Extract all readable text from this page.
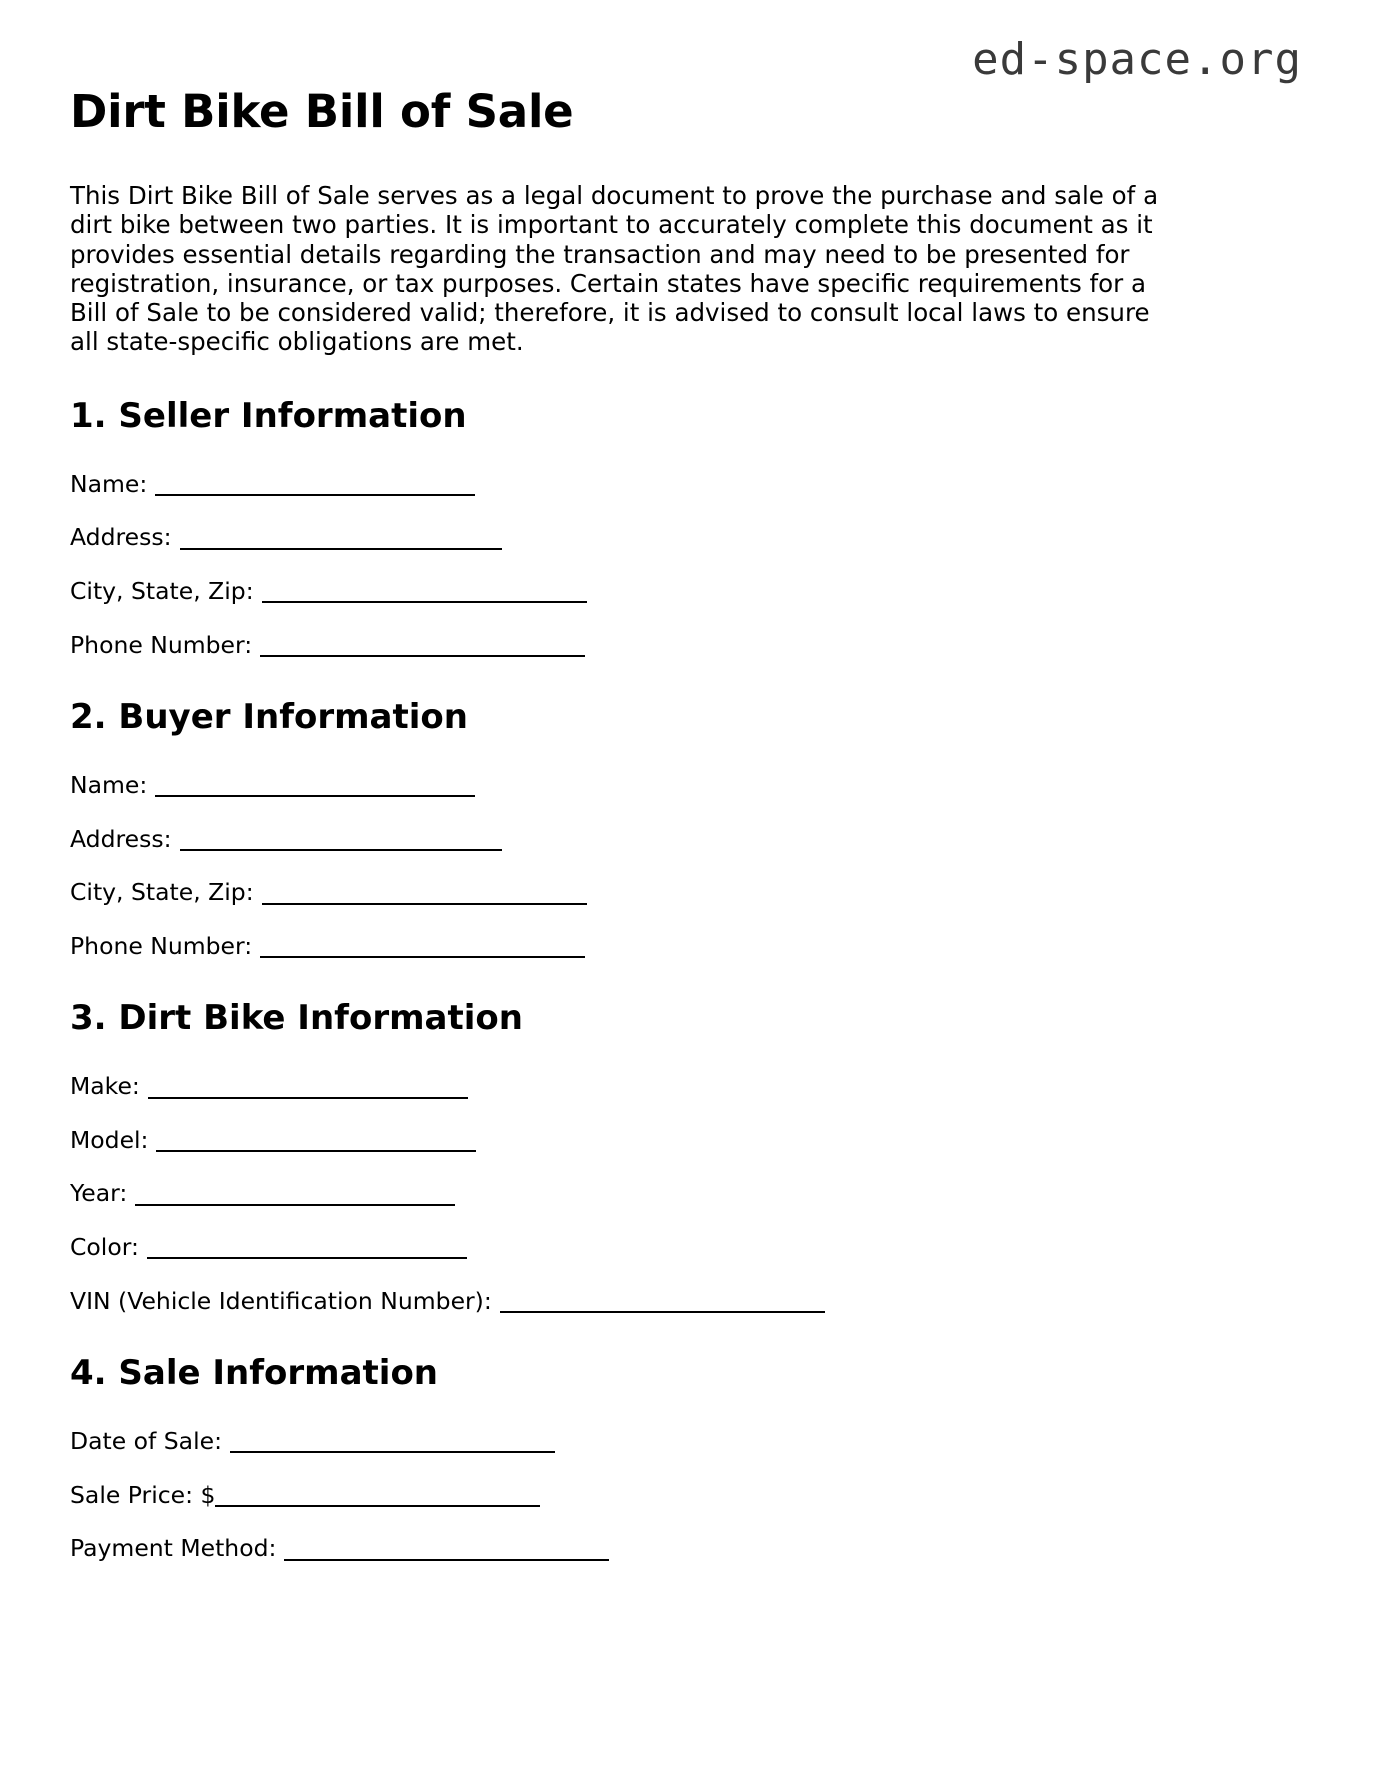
ed-space.org
Dirt Bike Bill of Sale

This Dirt Bike Bill of Sale serves as a legal document to prove the purchase and sale of a dirt bike between two parties. It is important to accurately complete this document as it provides essential details regarding the transaction and may need to be presented for registration, insurance, or tax purposes. Certain states have specific requirements for a Bill of Sale to be considered valid; therefore, it is advised to consult local laws to ensure all state-specific obligations are met.

1. Seller Information
Name:
Address:
City, State, Zip:
Phone Number:
2. Buyer Information
Name:
Address:
City, State, Zip:
Phone Number:
3. Dirt Bike Information
Make:
Model:
Year:
Color:
VIN (Vehicle Identification Number):
4. Sale Information
Date of Sale:
Sale Price: $
Payment Method:
